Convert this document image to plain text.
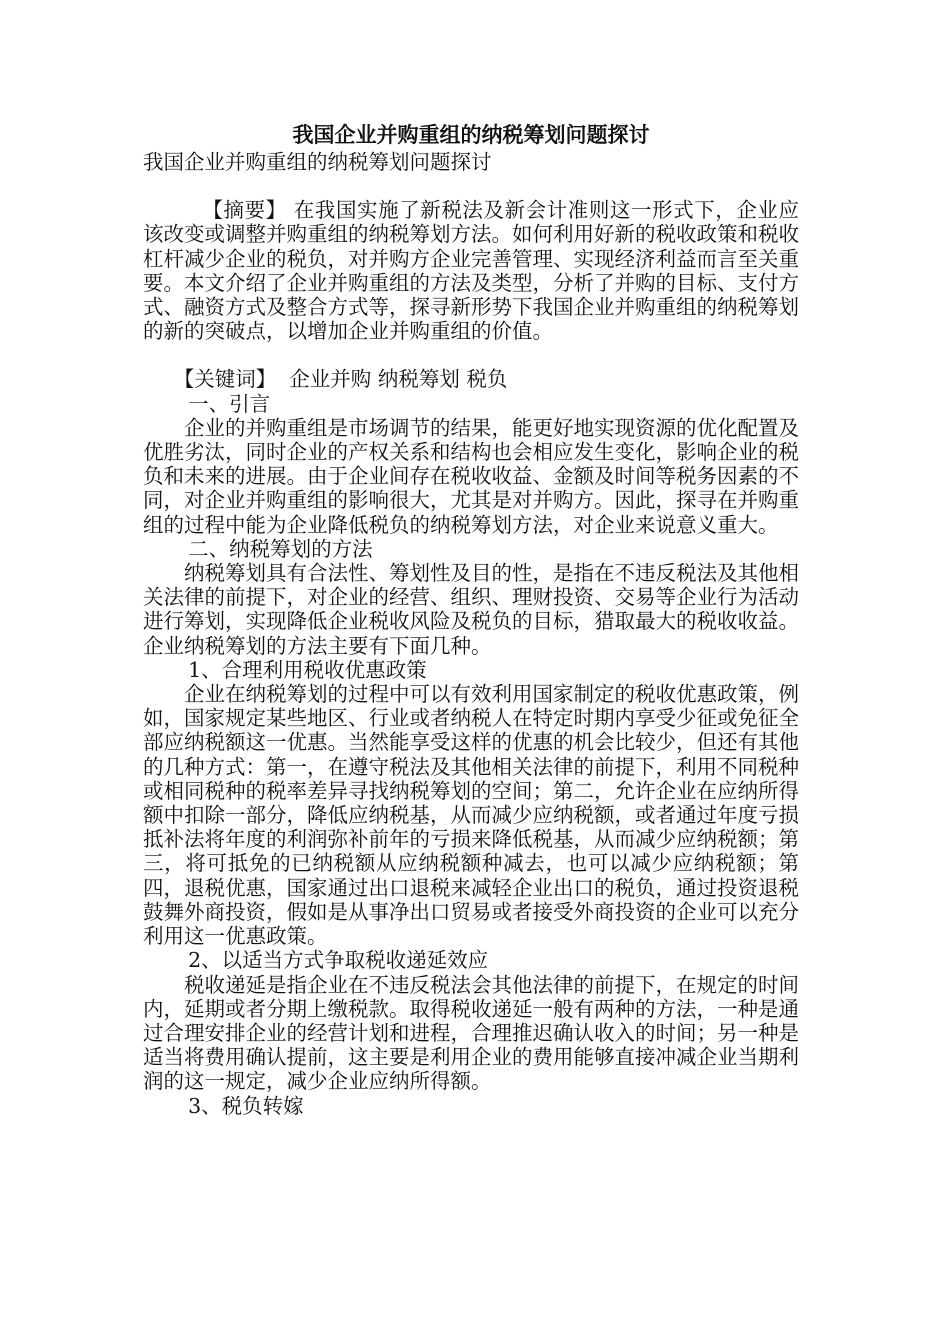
我国企业并购重组的纳税筹划问题探讨

我国企业并购重组的纳税筹划问题探讨

【摘要】 在我国实施了新税法及新会计准则这一形式下，企业应该改变或调整并购重组的纳税筹划方法。如何利用好新的税收政策和税收杠杆减少企业的税负，对并购方企业完善管理、实现经济利益而言至关重要。本文介绍了企业并购重组的方法及类型，分析了并购的目标、支付方式、融资方式及整合方式等，探寻新形势下我国企业并购重组的纳税筹划的新的突破点，以增加企业并购重组的价值。

【关键词】 企业并购 纳税筹划 税负

一、引言

企业的并购重组是市场调节的结果，能更好地实现资源的优化配置及优胜劣汰，同时企业的产权关系和结构也会相应发生变化，影响企业的税负和未来的进展。由于企业间存在税收收益、金额及时间等税务因素的不同，对企业并购重组的影响很大，尤其是对并购方。因此，探寻在并购重组的过程中能为企业降低税负的纳税筹划方法，对企业来说意义重大。

二、纳税筹划的方法

纳税筹划具有合法性、筹划性及目的性，是指在不违反税法及其他相关法律的前提下，对企业的经营、组织、理财投资、交易等企业行为活动进行筹划，实现降低企业税收风险及税负的目标，猎取最大的税收收益。企业纳税筹划的方法主要有下面几种。

1、合理利用税收优惠政策

企业在纳税筹划的过程中可以有效利用国家制定的税收优惠政策，例如，国家规定某些地区、行业或者纳税人在特定时期内享受少征或免征全部应纳税额这一优惠。当然能享受这样的优惠的机会比较少，但还有其他的几种方式：第一，在遵守税法及其他相关法律的前提下，利用不同税种或相同税种的税率差异寻找纳税筹划的空间；第二，允许企业在应纳所得额中扣除一部分，降低应纳税基，从而减少应纳税额，或者通过年度亏损抵补法将年度的利润弥补前年的亏损来降低税基，从而减少应纳税额；第三，将可抵免的已纳税额从应纳税额种减去，也可以减少应纳税额；第四，退税优惠，国家通过出口退税来减轻企业出口的税负，通过投资退税鼓舞外商投资，假如是从事净出口贸易或者接受外商投资的企业可以充分利用这一优惠政策。

2、以适当方式争取税收递延效应

税收递延是指企业在不违反税法会其他法律的前提下，在规定的时间内，延期或者分期上缴税款。取得税收递延一般有两种的方法，一种是通过合理安排企业的经营计划和进程，合理推迟确认收入的时间；另一种是适当将费用确认提前，这主要是利用企业的费用能够直接冲减企业当期利润的这一规定，减少企业应纳所得额。

3、税负转嫁
